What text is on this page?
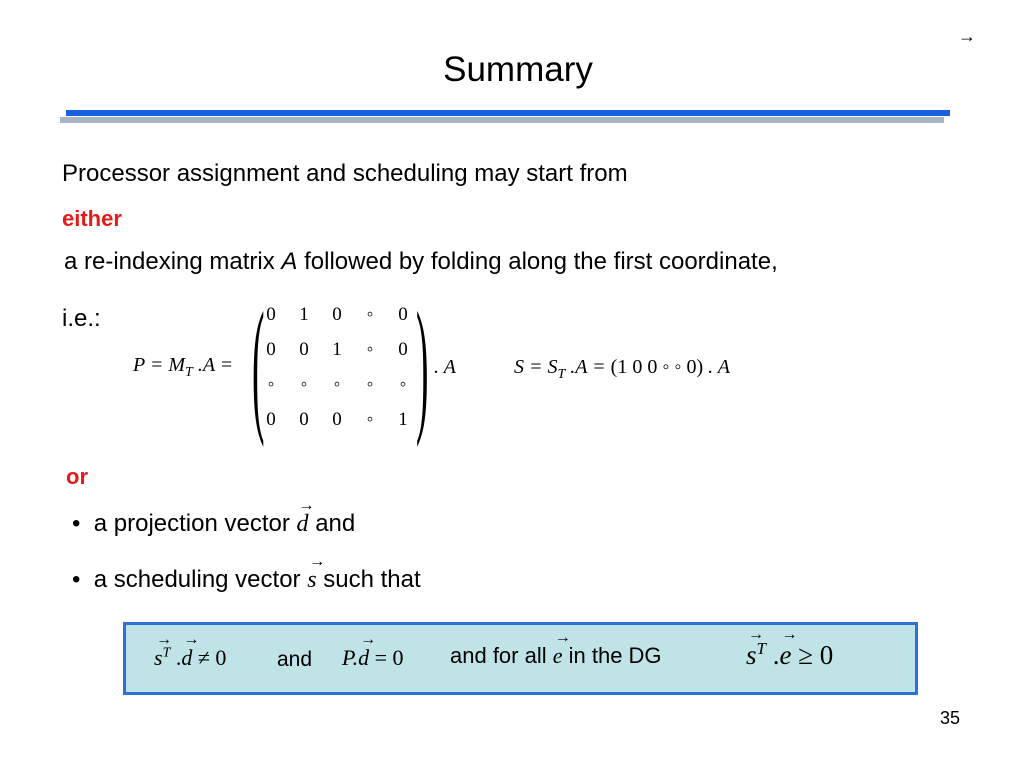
→
Summary
Processor assignment and scheduling may start from
either
a re-indexing matrix A followed by folding along the first coordinate,
i.e.:
$P = M_T$ .A = ( )
0	1	0	◦	0
0	0	1	◦	0
◦	◦	◦	◦	◦
0	0	0	◦	1
. A	$S = S_T$ .A = (1 0 0 ◦ ◦ 0) . A
or
• a projection vector d → and
• a scheduling vector s → such that
s →$^T$ .d → ≠ 0 and P.d → = 0 and for all e → in the DG	s →$^T$ .e → ≥ 0
35
